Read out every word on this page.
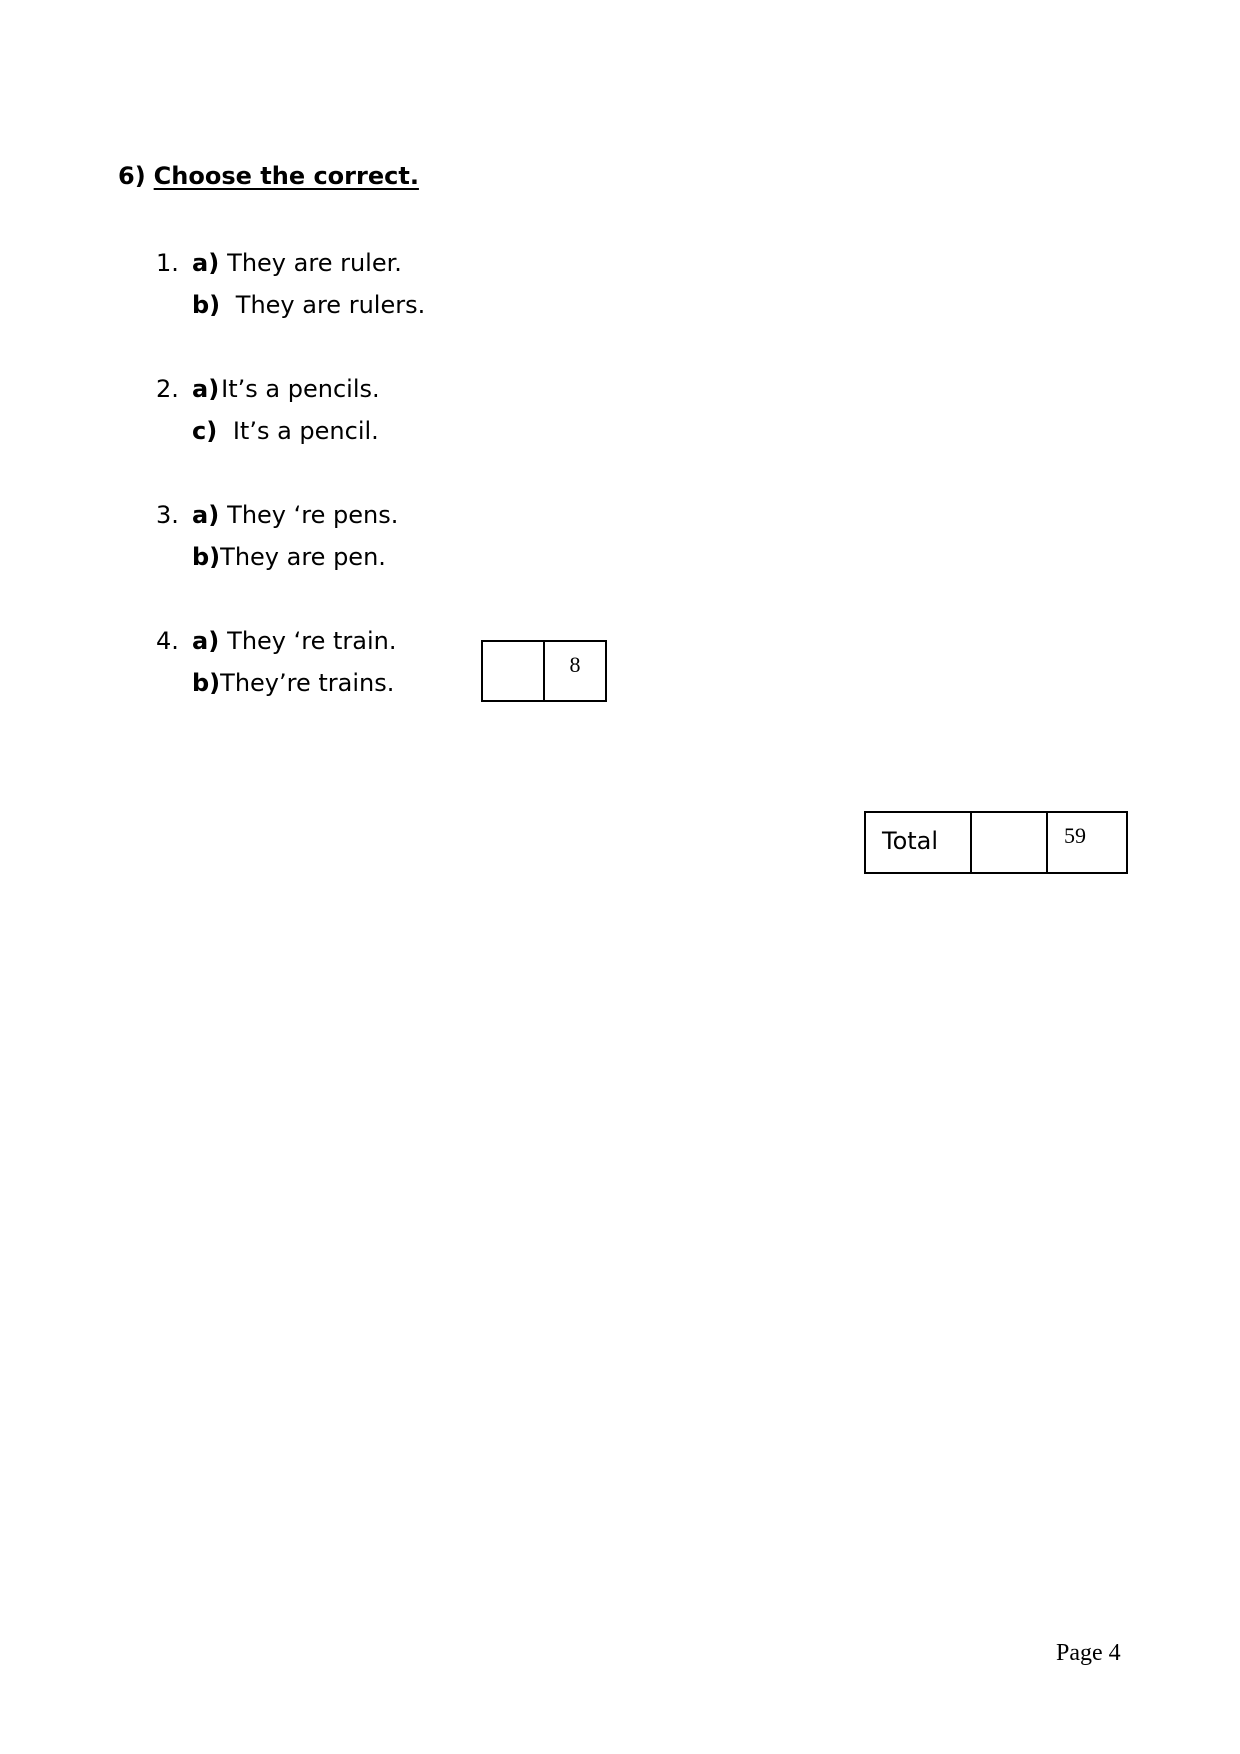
6) Choose the correct.
1. a) They are ruler.
b) They are rulers.
2. a)It’s a pencils.
c) It’s a pencil.
3. a) They ‘re pens.
b)They are pen.
4. a) They ‘re train.
b)They’re trains.
8
Total	59
Page 4
